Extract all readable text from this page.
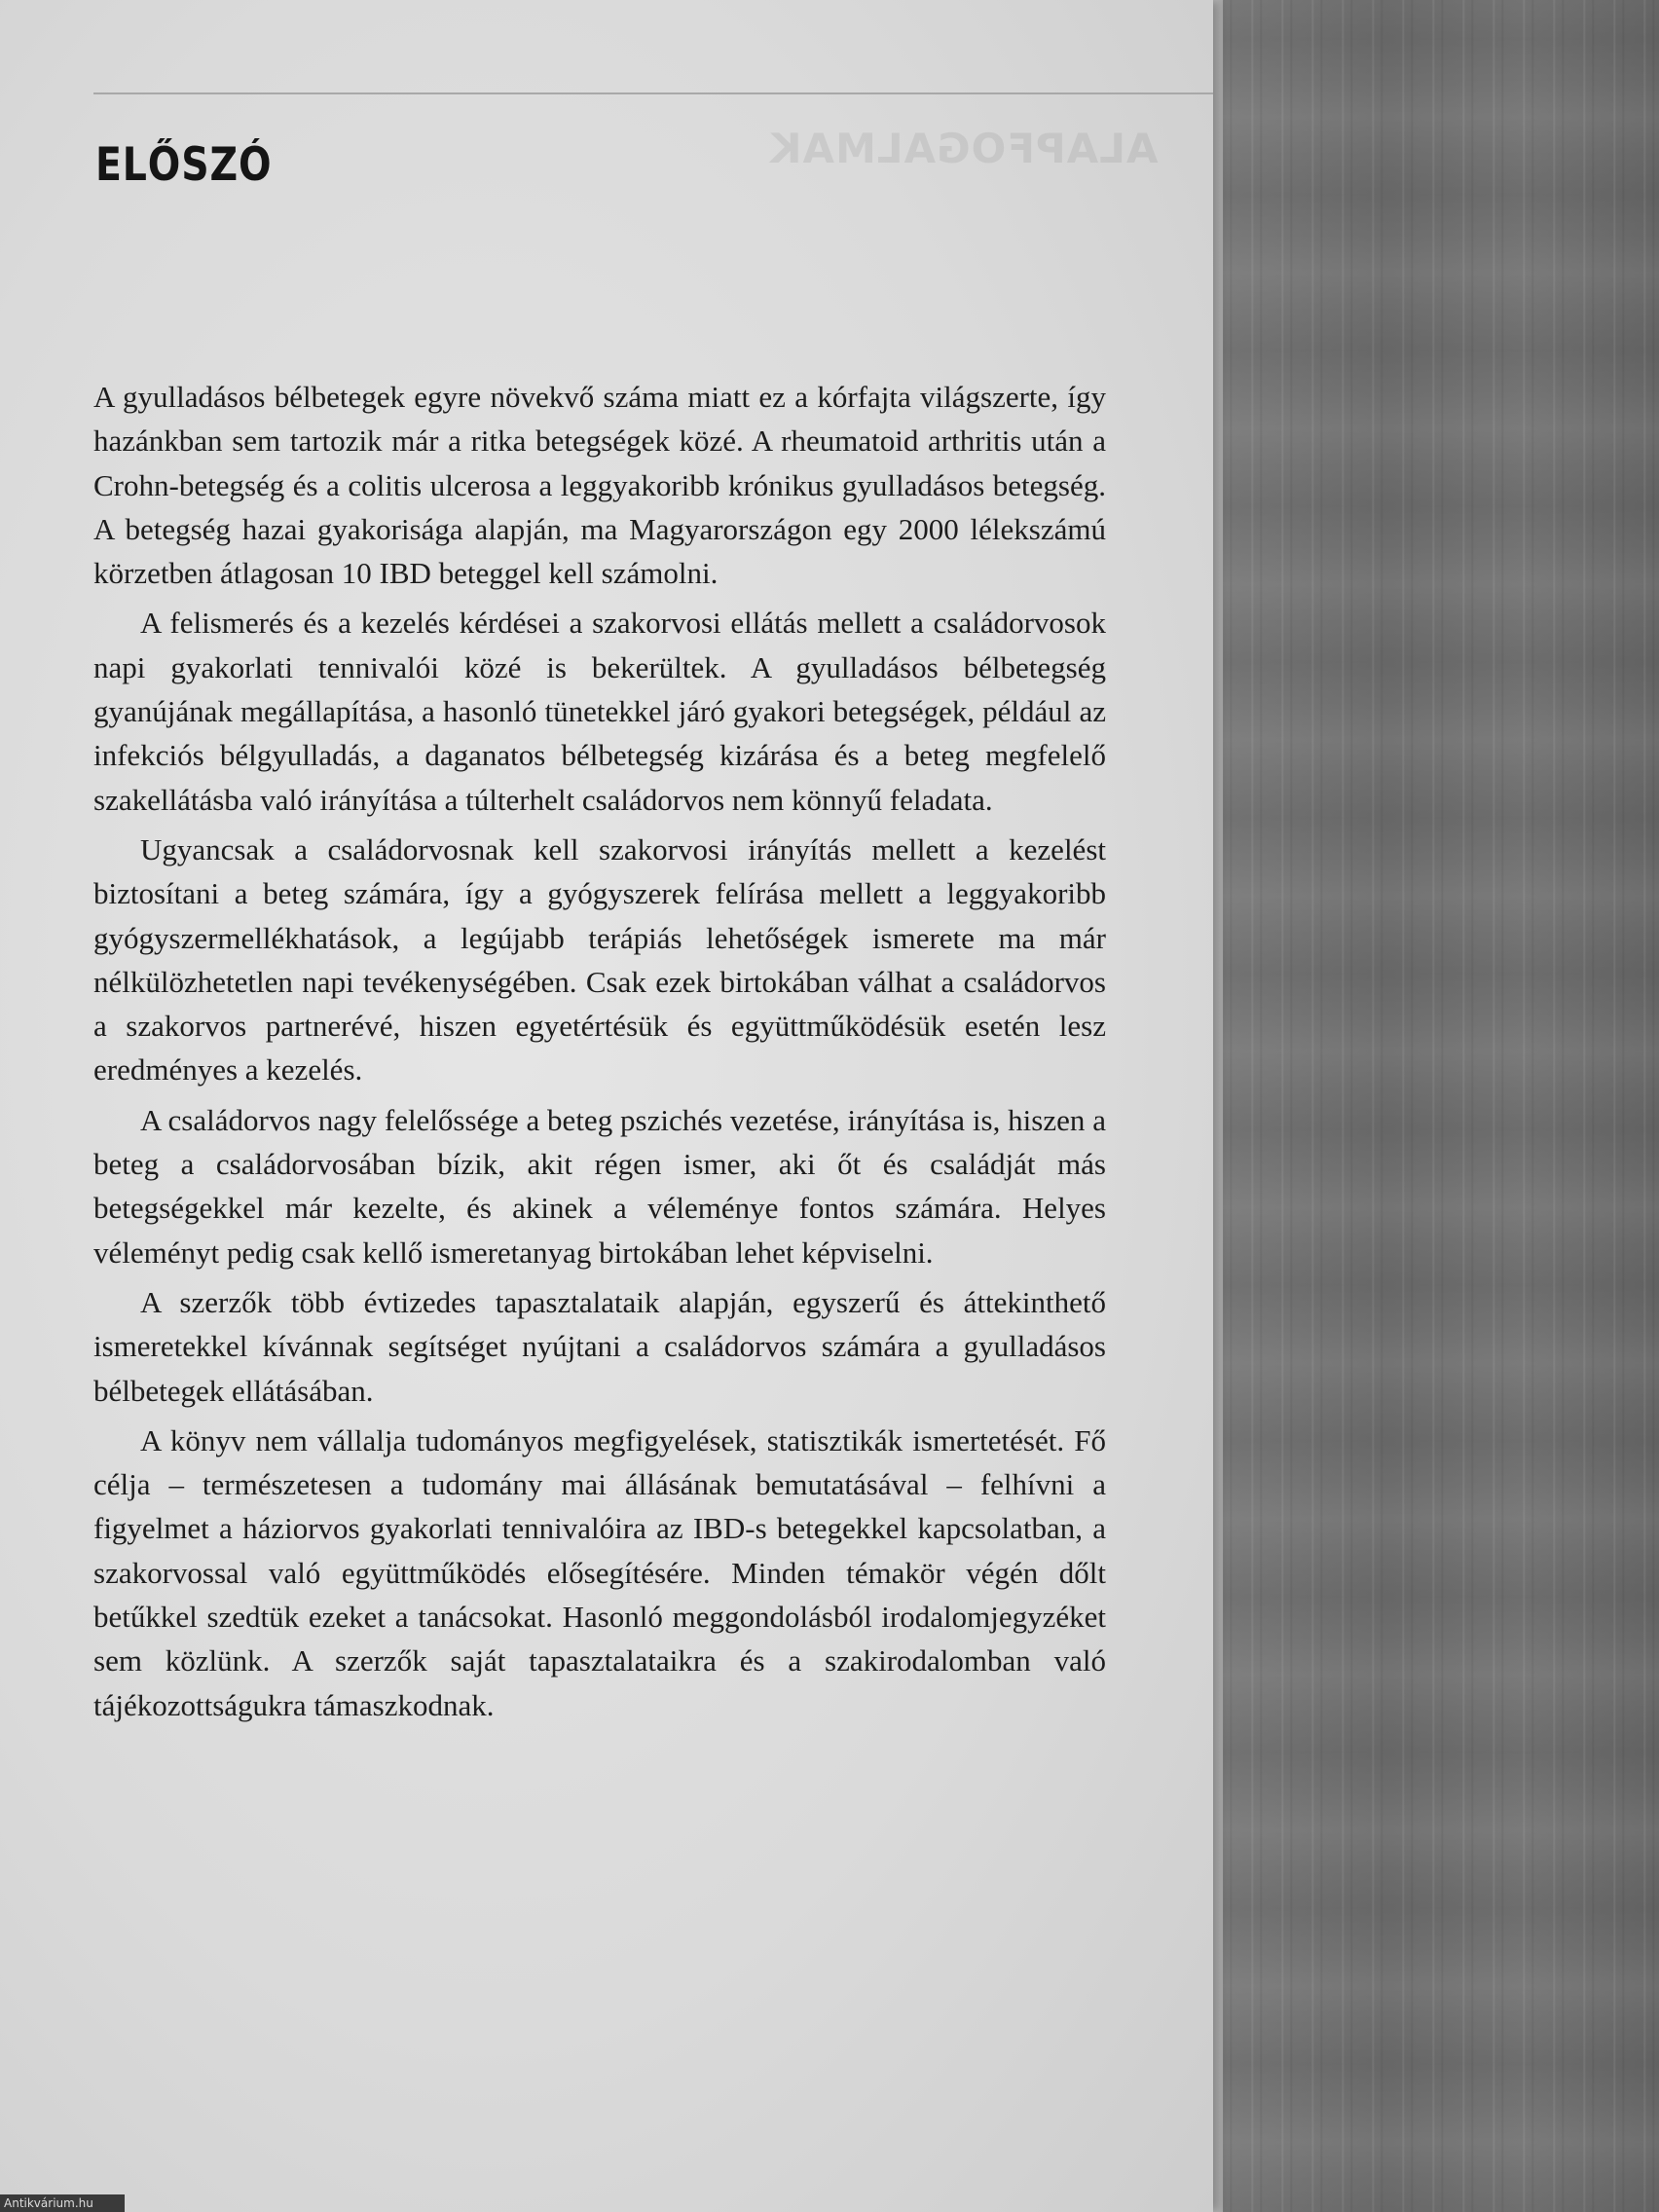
ALAPFOGALMAK
ELŐSZÓ

A gyulladásos bélbetegek egyre növekvő száma miatt ez a kórfajta világszerte, így hazánkban sem tartozik már a ritka betegségek közé. A rheumatoid arthritis után a Crohn-betegség és a colitis ulcerosa a leggyakoribb krónikus gyulladásos betegség. A betegség hazai gyakorisága alapján, ma Magyarországon egy 2000 lélekszámú körzetben átlagosan 10 IBD beteggel kell számolni.

A felismerés és a kezelés kérdései a szakorvosi ellátás mellett a családorvosok napi gyakorlati tennivalói közé is bekerültek. A gyulladásos bélbetegség gyanújának megállapítása, a hasonló tünetekkel járó gyakori betegségek, például az infekciós bélgyulladás, a daganatos bélbetegség kizárása és a beteg megfelelő szakellátásba való irányítása a túlterhelt családorvos nem könnyű feladata.

Ugyancsak a családorvosnak kell szakorvosi irányítás mellett a kezelést biztosítani a beteg számára, így a gyógyszerek felírása mellett a leggyakoribb gyógyszermellékhatások, a legújabb terápiás lehetőségek ismerete ma már nélkülözhetetlen napi tevékenységében. Csak ezek birtokában válhat a családorvos a szakorvos partnerévé, hiszen egyetértésük és együttműködésük esetén lesz eredményes a kezelés.

A családorvos nagy felelőssége a beteg pszichés vezetése, irányítása is, hiszen a beteg a családorvosában bízik, akit régen ismer, aki őt és családját más betegségekkel már kezelte, és akinek a véleménye fontos számára. Helyes véleményt pedig csak kellő ismeretanyag birtokában lehet képviselni.

A szerzők több évtizedes tapasztalataik alapján, egyszerű és áttekinthető ismeretekkel kívánnak segítséget nyújtani a családorvos számára a gyulladásos bélbetegek ellátásában.

A könyv nem vállalja tudományos megfigyelések, statisztikák ismertetését. Fő célja – természetesen a tudomány mai állásának bemutatásával – felhívni a figyelmet a háziorvos gyakorlati tennivalóira az IBD-s betegekkel kapcsolatban, a szakorvossal való együttműködés elősegítésére. Minden témakör végén dőlt betűkkel szedtük ezeket a tanácsokat. Hasonló meggondolásból irodalomjegyzéket sem közlünk. A szerzők saját tapasztalataikra és a szakirodalomban való tájékozottságukra támaszkodnak.

Antikvárium.hu
